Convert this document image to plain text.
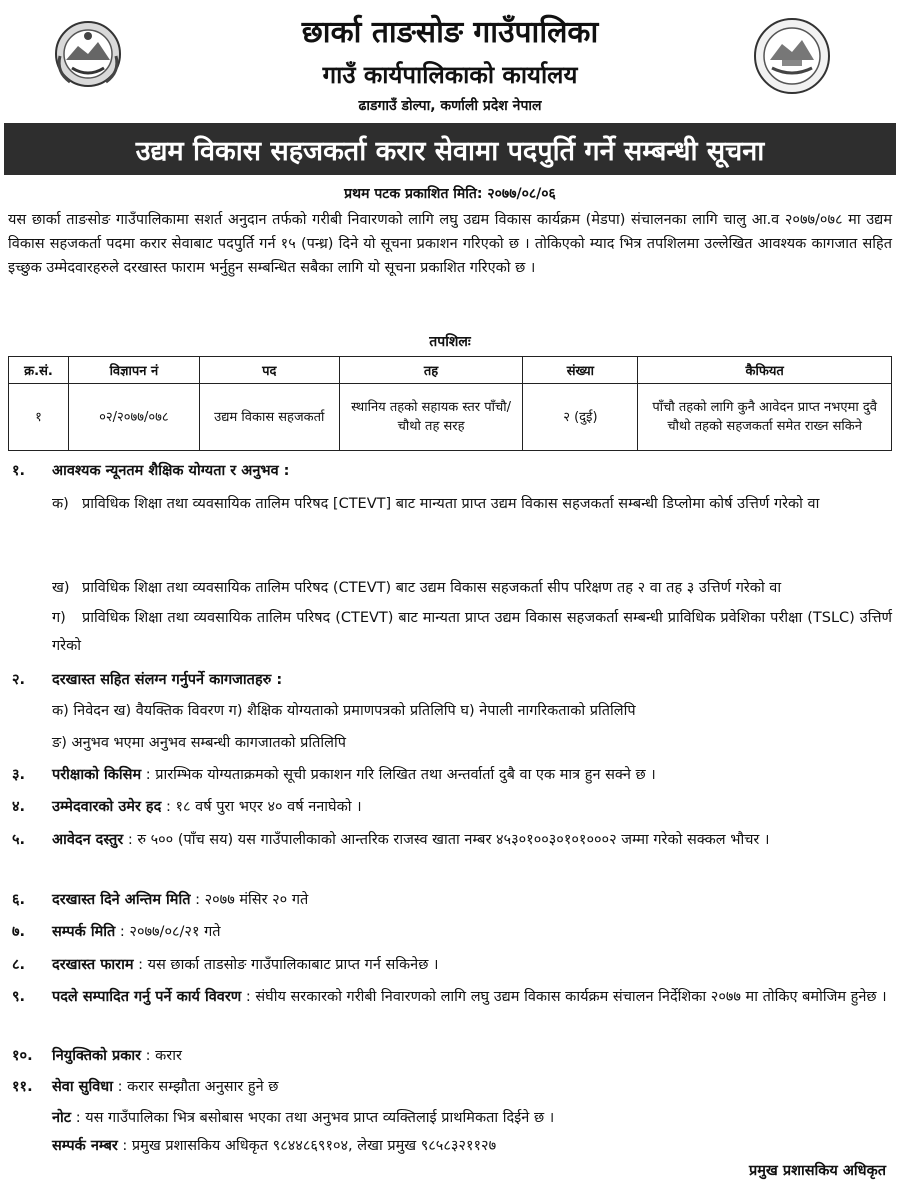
छार्का ताङसोङ गाउँपालिका
गाउँ कार्यपालिकाको कार्यालय
ढाडगाउँ डोल्पा, कर्णाली प्रदेश नेपाल
उद्यम विकास सहजकर्ता करार सेवामा पदपुर्ति गर्ने सम्बन्धी सूचना
प्रथम पटक प्रकाशित मिति: २०७७/०८/०६
यस छार्का ताङसोङ गाउँपालिकामा सशर्त अनुदान तर्फको गरीबी निवारणको लागि लघु उद्यम विकास कार्यक्रम (मेडपा) संचालनका लागि चालु आ.व २०७७/०७८ मा उद्यम विकास सहजकर्ता पदमा करार सेवाबाट पदपुर्ति गर्न १५ (पन्ध्र) दिने यो सूचना प्रकाशन गरिएको छ । तोकिएको म्याद भित्र तपशिलमा उल्लेखित आवश्यक कागजात सहित इच्छुक उम्मेदवारहरुले दरखास्त फाराम भर्नुहुन सम्बन्धित सबैका लागि यो सूचना प्रकाशित गरिएको छ ।
तपशिलः
क्र.सं.	विज्ञापन नं	पद	तह	संख्या	कैफियत
१	०२/२०७७/०७८	उद्यम विकास सहजकर्ता	स्थानिय तहको सहायक स्तर पाँचौ/चौथो तह सरह	२ (दुई)	पाँचौ तहको लागि कुनै आवेदन प्राप्त नभएमा दुवै चौथो तहको सहजकर्ता समेत राख्न सकिने
१. आवश्यक न्यूनतम शैक्षिक योग्यता र अनुभव :
क) प्राविधिक शिक्षा तथा व्यवसायिक तालिम परिषद [CTEVT] बाट मान्यता प्राप्त उद्यम विकास सहजकर्ता सम्बन्धी डिप्लोमा कोर्ष उत्तिर्ण गरेको वा
ख) प्राविधिक शिक्षा तथा व्यवसायिक तालिम परिषद (CTEVT) बाट उद्यम विकास सहजकर्ता सीप परिक्षण तह २ वा तह ३ उत्तिर्ण गरेको वा
ग) प्राविधिक शिक्षा तथा व्यवसायिक तालिम परिषद (CTEVT) बाट मान्यता प्राप्त उद्यम विकास सहजकर्ता सम्बन्धी प्राविधिक प्रवेशिका परीक्षा (TSLC) उत्तिर्ण गरेको
२. दरखास्त सहित संलग्न गर्नुपर्ने कागजातहरु :
क) निवेदन ख) वैयक्तिक विवरण ग) शैक्षिक योग्यताको प्रमाणपत्रको प्रतिलिपि घ) नेपाली नागरिकताको प्रतिलिपि
ङ) अनुभव भएमा अनुभव सम्बन्धी कागजातको प्रतिलिपि
३. परीक्षाको किसिम : प्रारम्भिक योग्यताक्रमको सूची प्रकाशन गरि लिखित तथा अन्तर्वार्ता दुबै वा एक मात्र हुन सक्ने छ ।
४. उम्मेदवारको उमेर हद : १८ वर्ष पुरा भएर ४० वर्ष ननाघेको ।
५. आवेदन दस्तुर : रु ५०० (पाँच सय) यस गाउँपालीकाको आन्तरिक राजस्व खाता नम्बर ४५३०१००३०१०१०००२ जम्मा गरेको सक्कल भौचर ।
६. दरखास्त दिने अन्तिम मिति : २०७७ मंसिर २० गते
७. सम्पर्क मिति : २०७७/०८/२१ गते
८. दरखास्त फाराम : यस छार्का ताडसोङ गाउँपालिकाबाट प्राप्त गर्न सकिनेछ ।
९. पदले सम्पादित गर्नु पर्ने कार्य विवरण : संघीय सरकारको गरीबी निवारणको लागि लघु उद्यम विकास कार्यक्रम संचालन निर्देशिका २०७७ मा तोकिए बमोजिम हुनेछ ।
१०. नियुक्तिको प्रकार : करार
११. सेवा सुविधा : करार सम्झौता अनुसार हुने छ
नोट : यस गाउँपालिका भित्र बसोबास भएका तथा अनुभव प्राप्त व्यक्तिलाई प्राथमिकता दिईने छ ।
सम्पर्क नम्बर : प्रमुख प्रशासकिय अधिकृत ९८४४८६९१०४, लेखा प्रमुख ९८५८३२११२७
प्रमुख प्रशासकिय अधिकृत
